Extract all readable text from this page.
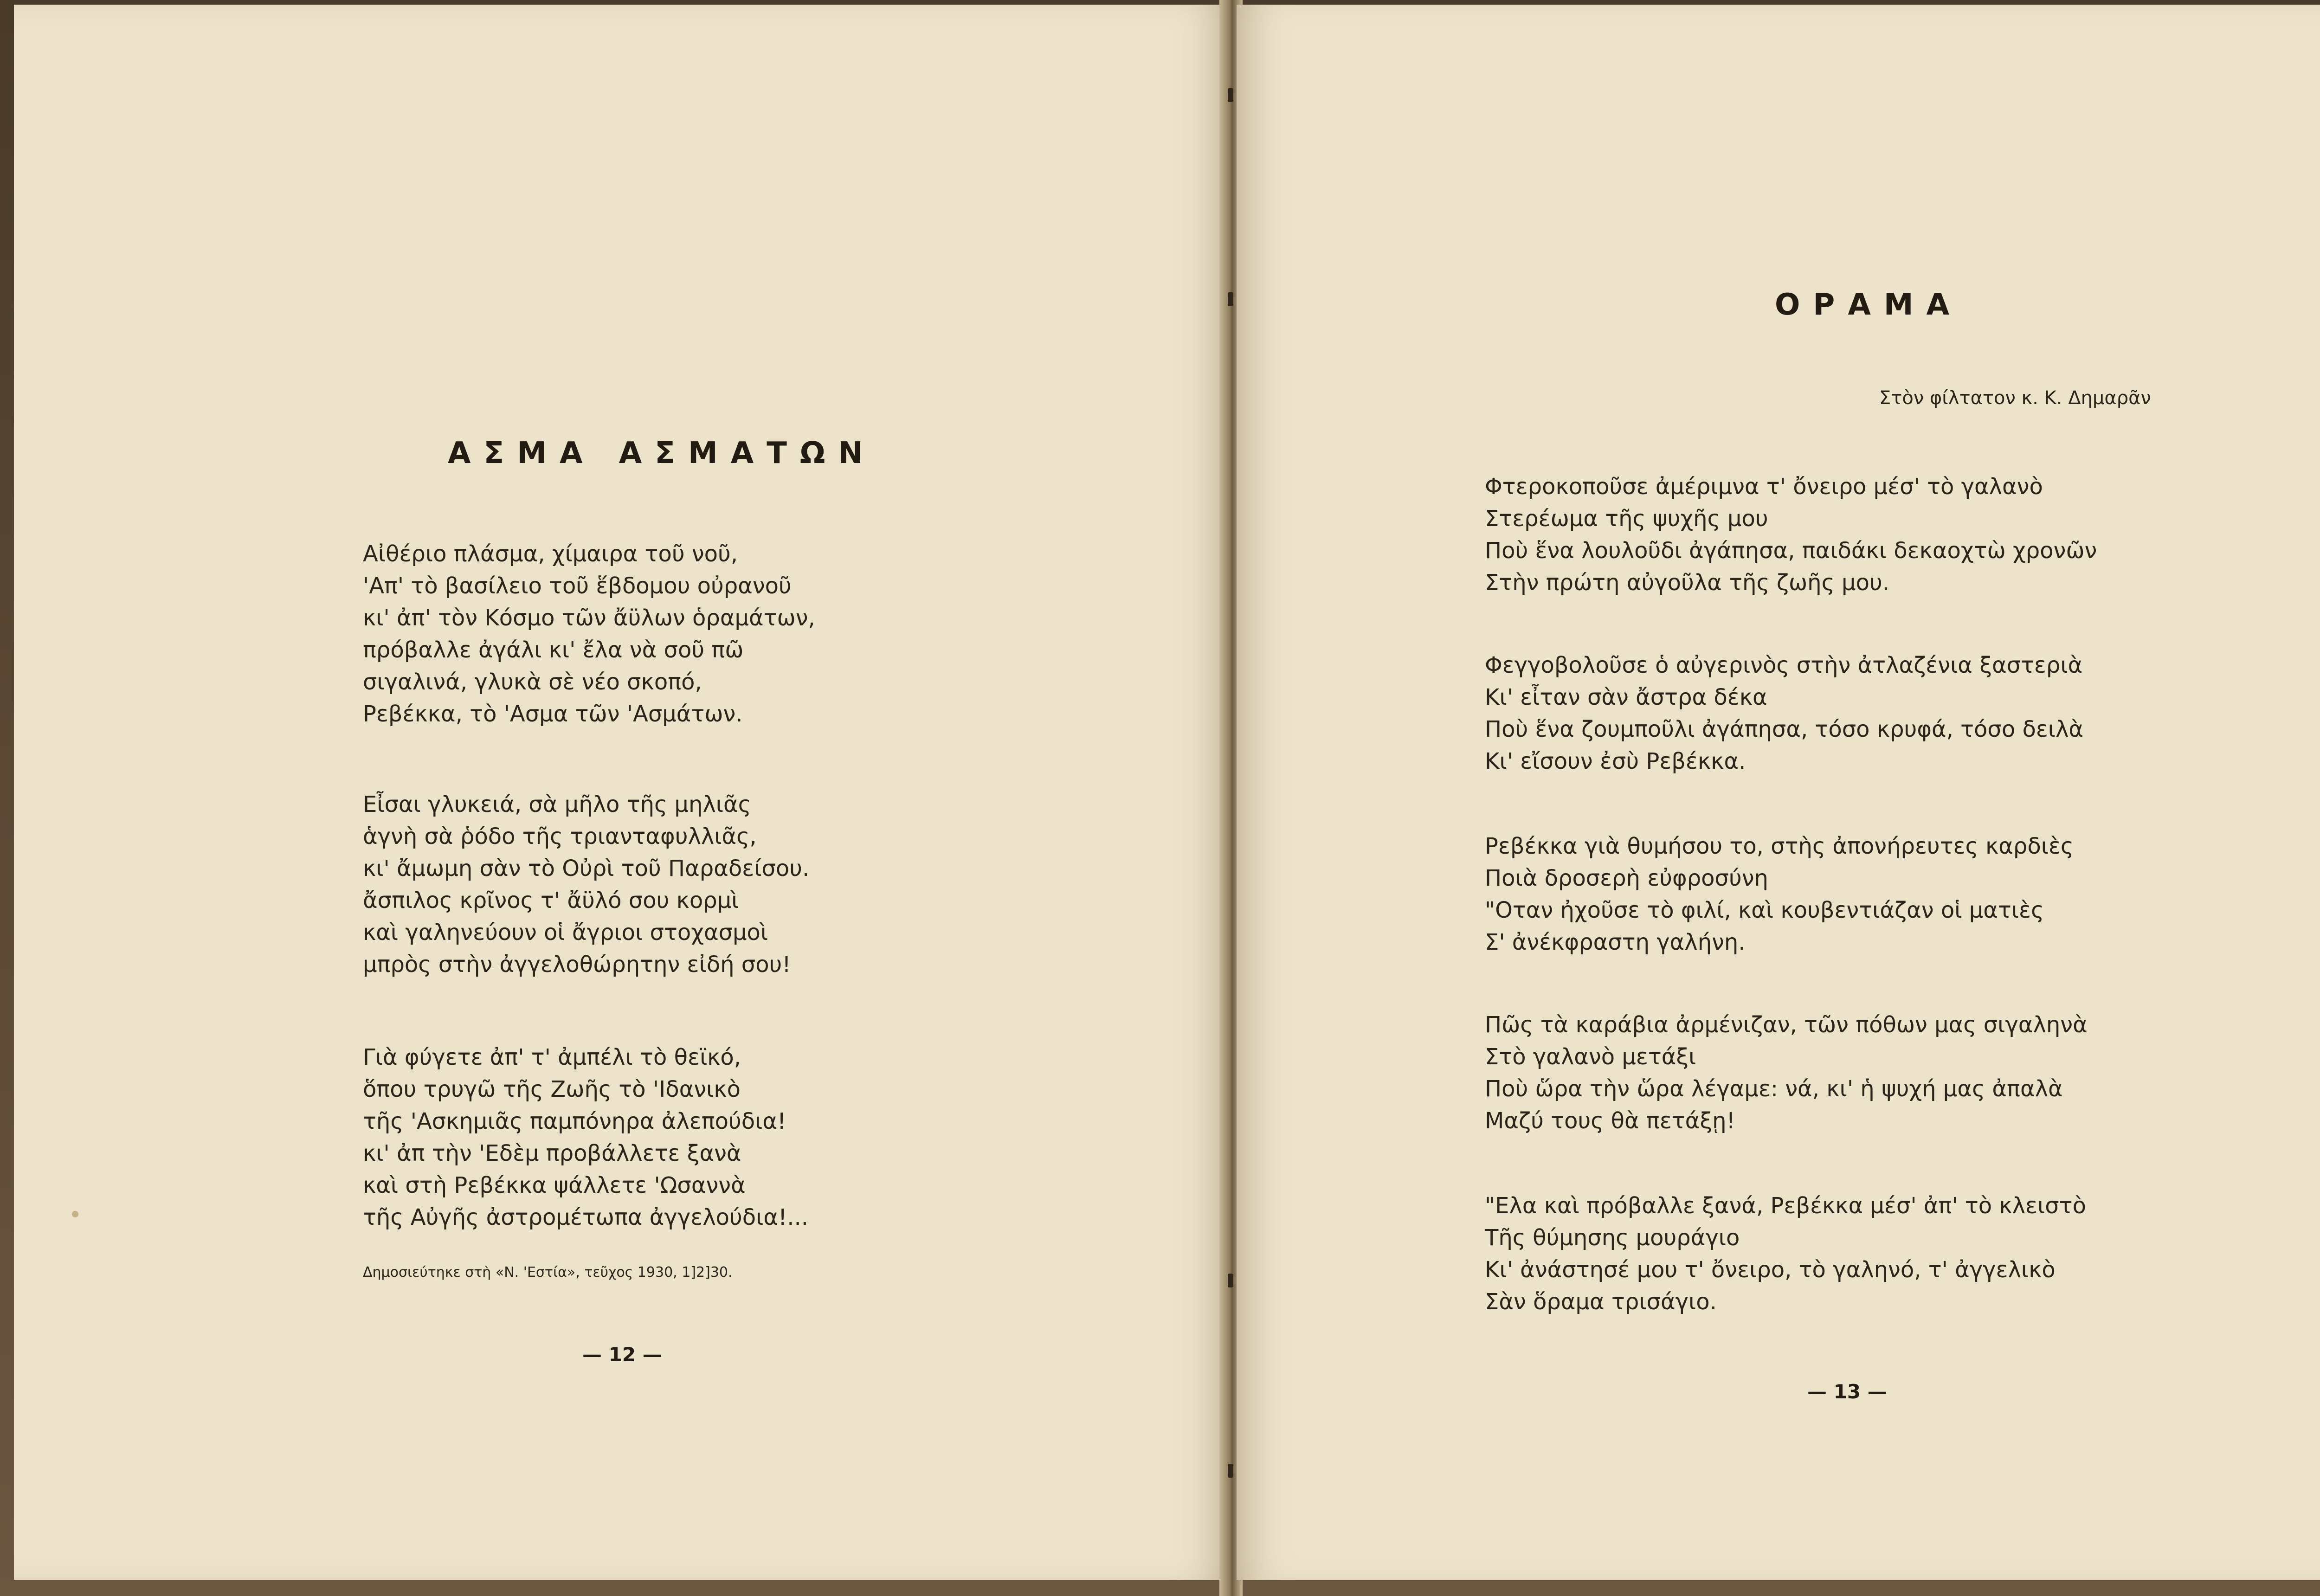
ΑΣΜΑ ΑΣΜΑΤΩΝ
Αἰθέριο πλάσμα, χίμαιρα τοῦ νοῦ,
'Απ' τὸ βασίλειο τοῦ ἕβδομου οὐρανοῦ
κι' ἀπ' τὸν Κόσμο τῶν ἄϋλων ὁραμάτων,
πρόβαλλε ἀγάλι κι' ἔλα νὰ σοῦ πῶ
σιγαλινά, γλυκὰ σὲ νέο σκοπό,
Ρεβέκκα, τὸ 'Ασμα τῶν 'Ασμάτων.
Εἶσαι γλυκειά, σὰ μῆλο τῆς μηλιᾶς
ἁγνὴ σὰ ῥόδο τῆς τριανταφυλλιᾶς,
κι' ἄμωμη σὰν τὸ Οὐρὶ τοῦ Παραδείσου.
ἄσπιλος κρῖνος τ' ἄϋλό σου κορμὶ
καὶ γαληνεύουν οἱ ἄγριοι στοχασμοὶ
μπρὸς στὴν ἀγγελοθώρητην εἰδή σου!
Γιὰ φύγετε ἀπ' τ' ἀμπέλι τὸ θεϊκό,
ὅπου τρυγῶ τῆς Ζωῆς τὸ 'Ιδανικὸ
τῆς 'Ασκημιᾶς παμπόνηρα ἀλεπούδια!
κι' ἀπ τὴν 'Εδὲμ προβάλλετε ξανὰ
καὶ στὴ Ρεβέκκα ψάλλετε 'Ωσαννὰ
τῆς Αὐγῆς ἀστρομέτωπα ἀγγελούδια!...

Δημοσιεύτηκε στὴ «Ν. 'Εστία», τεῦχος 1930, 1]2]30.

— 12 —

ΟΡΑΜΑ

Στὸν φίλτατον κ. Κ. Δημαρᾶν

Φτεροκοποῦσε ἀμέριμνα τ' ὄνειρο μέσ' τὸ γαλανὸ
Στερέωμα τῆς ψυχῆς μου
Ποὺ ἕνα λουλοῦδι ἀγάπησα, παιδάκι δεκαοχτὼ χρονῶν
Στὴν πρώτη αὐγοῦλα τῆς ζωῆς μου.
Φεγγοβολοῦσε ὁ αὐγερινὸς στὴν ἀτλαζένια ξαστεριὰ
Κι' εἶταν σὰν ἄστρα δέκα
Ποὺ ἕνα ζουμποῦλι ἀγάπησα, τόσο κρυφά, τόσο δειλὰ
Κι' εἴσουν ἐσὺ Ρεβέκκα.
Ρεβέκκα γιὰ θυμήσου το, στὴς ἀπονήρευτες καρδιὲς
Ποιὰ δροσερὴ εὐφροσύνη
"Οταν ἠχοῦσε τὸ φιλί, καὶ κουβεντιάζαν οἱ ματιὲς
Σ' ἀνέκφραστη γαλήνη.
Πῶς τὰ καράβια ἀρμένιζαν, τῶν πόθων μας σιγαληνὰ
Στὸ γαλανὸ μετάξι
Ποὺ ὥρα τὴν ὥρα λέγαμε: νά, κι' ἡ ψυχή μας ἀπαλὰ
Μαζύ τους θὰ πετάξῃ!
"Ελα καὶ πρόβαλλε ξανά, Ρεβέκκα μέσ' ἀπ' τὸ κλειστὸ
Τῆς θύμησης μουράγιο
Κι' ἀνάστησέ μου τ' ὄνειρο, τὸ γαληνό, τ' ἀγγελικὸ
Σὰν ὅραμα τρισάγιο.

— 13 —
